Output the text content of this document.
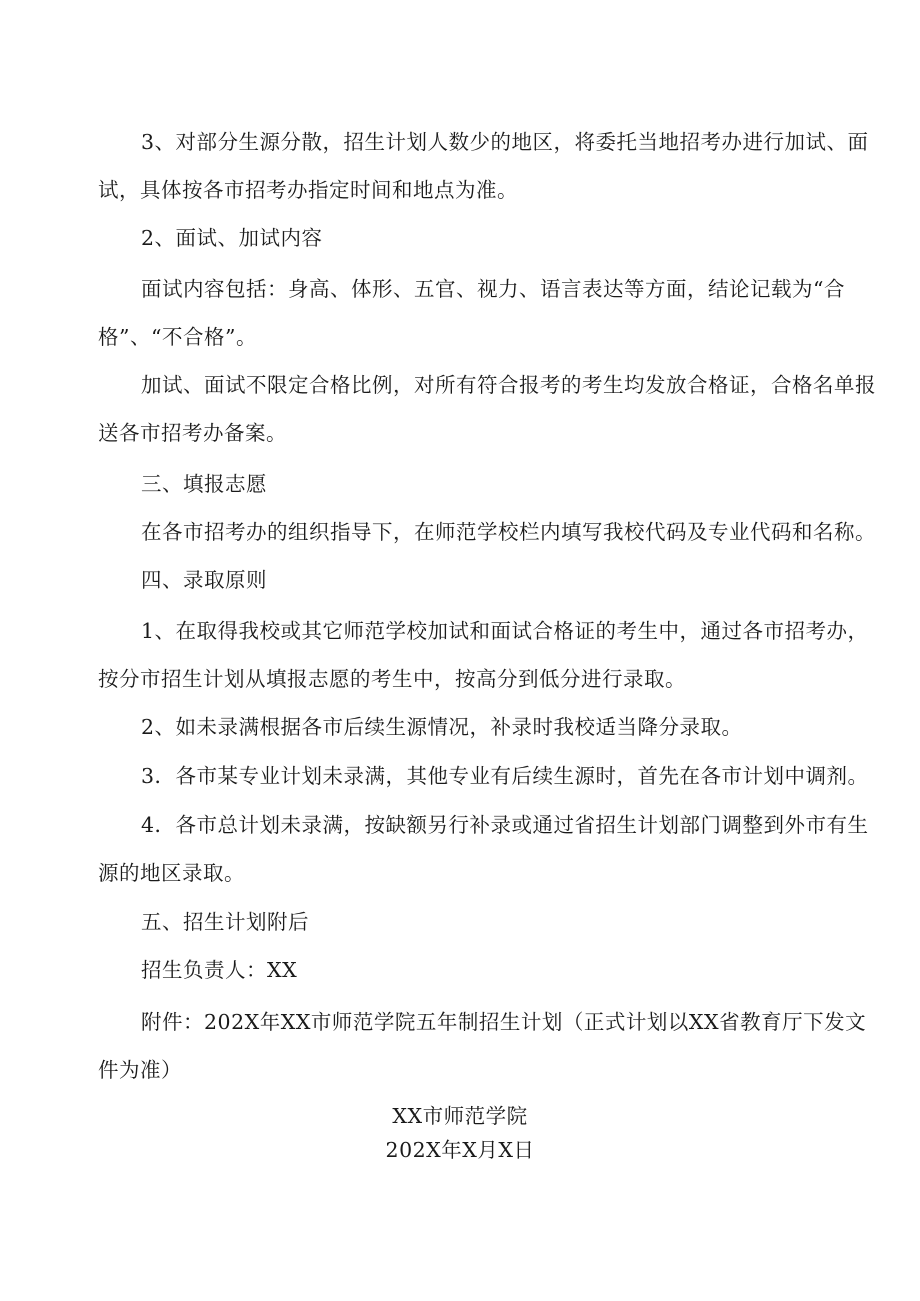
3、对部分生源分散，招生计划人数少的地区，将委托当地招考办进行加试、面试，具体按各市招考办指定时间和地点为准。

2、面试、加试内容

面试内容包括：身高、体形、五官、视力、语言表达等方面，结论记载为“合格”、“不合格”。

加试、面试不限定合格比例，对所有符合报考的考生均发放合格证，合格名单报送各市招考办备案。

三、填报志愿

在各市招考办的组织指导下，在师范学校栏内填写我校代码及专业代码和名称。

四、录取原则

1、在取得我校或其它师范学校加试和面试合格证的考生中，通过各市招考办，按分市招生计划从填报志愿的考生中，按高分到低分进行录取。

2、如未录满根据各市后续生源情况，补录时我校适当降分录取。

3．各市某专业计划未录满，其他专业有后续生源时，首先在各市计划中调剂。

4．各市总计划未录满，按缺额另行补录或通过省招生计划部门调整到外市有生源的地区录取。

五、招生计划附后

招生负责人：XX

附件：202X年XX市师范学院五年制招生计划（正式计划以XX省教育厅下发文件为准）

XX市师范学院

202X年X月X日
